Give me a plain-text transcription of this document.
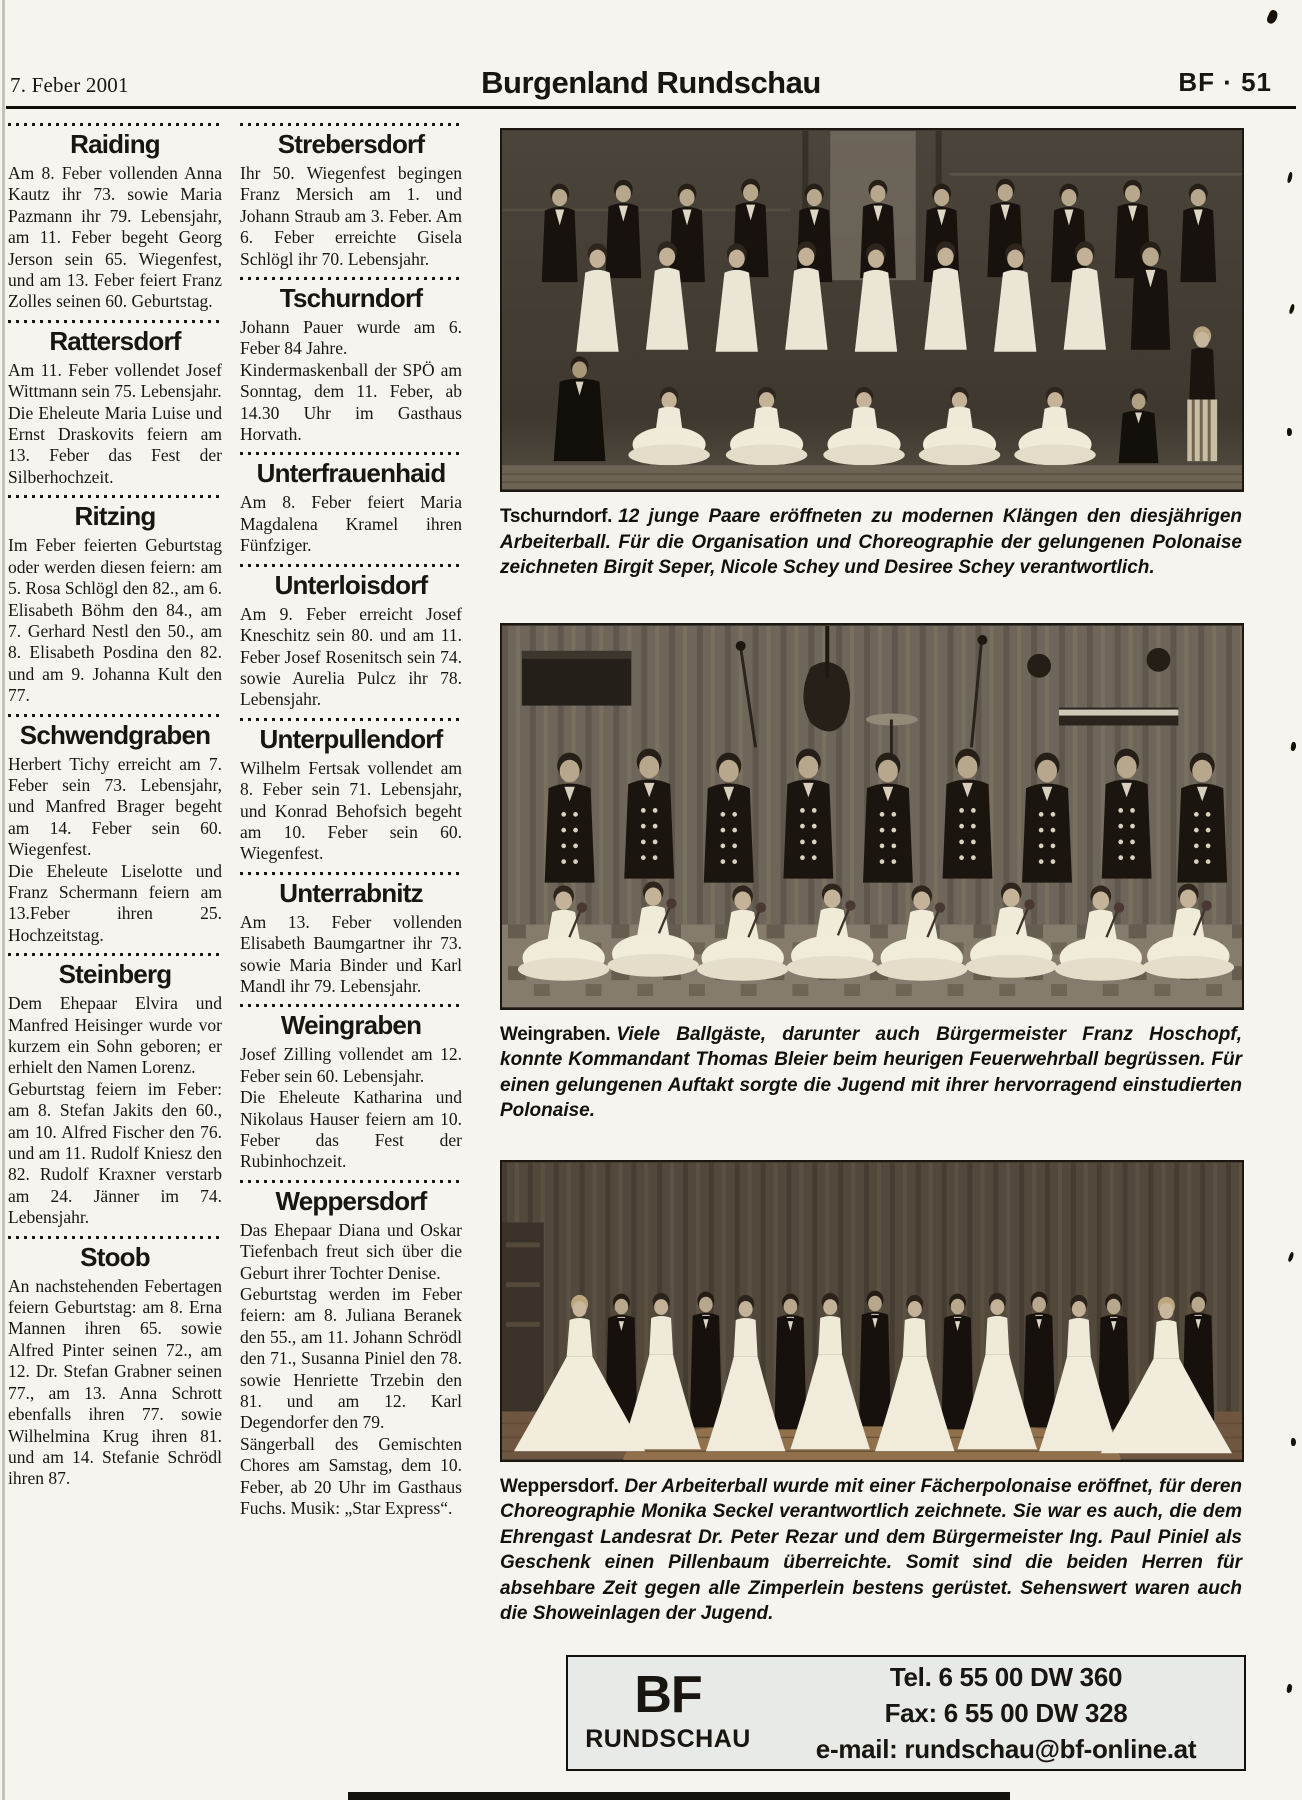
7. Feber 2001	Burgenland Rundschau	BF · 51
Raiding

Am 8. Feber vollenden Anna Kautz ihr 73. sowie Maria Pazmann ihr 79. Lebensjahr, am 11. Feber begeht Georg Jerson sein 65. Wiegenfest, und am 13. Feber feiert Franz Zolles seinen 60. Geburtstag.

Rattersdorf

Am 11. Feber vollendet Josef Wittmann sein 75. Lebensjahr.

Die Eheleute Maria Luise und Ernst Draskovits feiern am 13. Feber das Fest der Silberhochzeit.

Ritzing

Im Feber feierten Geburtstag oder werden diesen feiern: am 5. Rosa Schlögl den 82., am 6. Elisabeth Böhm den 84., am 7. Gerhard Nestl den 50., am 8. Elisabeth Posdina den 82. und am 9. Johanna Kult den 77.

Schwendgraben

Herbert Tichy erreicht am 7. Feber sein 73. Lebensjahr, und Manfred Brager begeht am 14. Feber sein 60. Wiegenfest.

Die Eheleute Liselotte und Franz Schermann feiern am 13.Feber ihren 25. Hochzeitstag.

Steinberg

Dem Ehepaar Elvira und Manfred Heisinger wurde vor kurzem ein Sohn geboren; er erhielt den Namen Lorenz.

Geburtstag feiern im Feber: am 8. Stefan Jakits den 60., am 10. Alfred Fischer den 76. und am 11. Rudolf Kniesz den 82. Rudolf Kraxner verstarb am 24. Jänner im 74. Lebensjahr.

Stoob

An nachstehenden Febertagen feiern Geburtstag: am 8. Erna Mannen ihren 65. sowie Alfred Pinter seinen 72., am 12. Dr. Stefan Grabner seinen 77., am 13. Anna Schrott ebenfalls ihren 77. sowie Wilhelmina Krug ihren 81. und am 14. Stefanie Schrödl ihren 87.

Strebersdorf

Ihr 50. Wiegenfest begingen Franz Mersich am 1. und Johann Straub am 3. Feber. Am 6. Feber erreichte Gisela Schlögl ihr 70. Lebensjahr.

Tschurndorf

Johann Pauer wurde am 6. Feber 84 Jahre.

Kindermaskenball der SPÖ am Sonntag, dem 11. Feber, ab 14.30 Uhr im Gasthaus Horvath.

Unterfrauenhaid

Am 8. Feber feiert Maria Magdalena Kramel ihren Fünfziger.

Unterloisdorf

Am 9. Feber erreicht Josef Kneschitz sein 80. und am 11. Feber Josef Rosenitsch sein 74. sowie Aurelia Pulcz ihr 78. Lebensjahr.

Unterpullendorf

Wilhelm Fertsak vollendet am 8. Feber sein 71. Lebensjahr, und Konrad Behofsich begeht am 10. Feber sein 60. Wiegenfest.

Unterrabnitz

Am 13. Feber vollenden Elisabeth Baumgartner ihr 73. sowie Maria Binder und Karl Mandl ihr 79. Lebensjahr.

Weingraben

Josef Zilling vollendet am 12. Feber sein 60. Lebensjahr.

Die Eheleute Katharina und Nikolaus Hauser feiern am 10. Feber das Fest der Rubinhochzeit.

Weppersdorf

Das Ehepaar Diana und Oskar Tiefenbach freut sich über die Geburt ihrer Tochter Denise.

Geburtstag werden im Feber feiern: am 8. Juliana Beranek den 55., am 11. Johann Schrödl den 71., Susanna Piniel den 78. sowie Henriette Trzebin den 81. und am 12. Karl Degendorfer den 79.

Sängerball des Gemischten Chores am Samstag, dem 10. Feber, ab 20 Uhr im Gasthaus Fuchs. Musik: „Star Express“.

Tschurndorf. 12 junge Paare eröffneten zu modernen Klängen den diesjährigen Arbeiterball. Für die Organisation und Choreographie der gelungenen Polonaise zeichneten Birgit Seper, Nicole Schey und Desiree Schey verantwortlich.
Weingraben. Viele Ballgäste, darunter auch Bürgermeister Franz Hoschopf, konnte Kommandant Thomas Bleier beim heurigen Feuerwehrball begrüssen. Für einen gelungenen Auftakt sorgte die Jugend mit ihrer hervorragend einstudierten Polonaise.
Weppersdorf. Der Arbeiterball wurde mit einer Fächerpolonaise eröffnet, für deren Choreographie Monika Seckel verantwortlich zeichnete. Sie war es auch, die dem Ehrengast Landesrat Dr. Peter Rezar und dem Bürgermeister Ing. Paul Piniel als Geschenk einen Pillenbaum überreichte. Somit sind die beiden Herren für absehbare Zeit gegen alle Zimperlein bestens gerüstet. Sehenswert waren auch die Showeinlagen der Jugend.
BF
RUNDSCHAU
Tel. 6 55 00 DW 360
Fax: 6 55 00 DW 328
e-mail: rundschau@bf-online.at
